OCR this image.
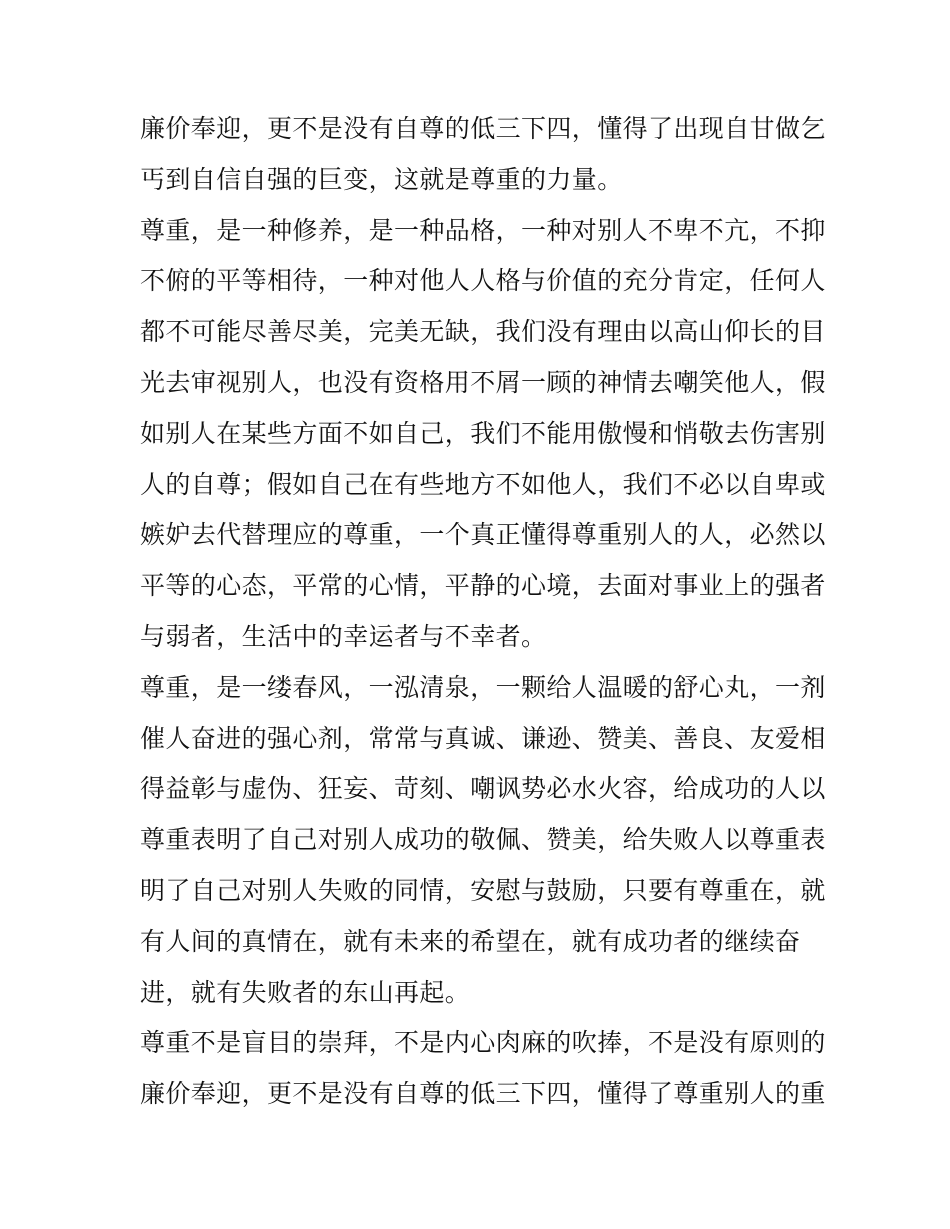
廉价奉迎，更不是没有自尊的低三下四，懂得了出现自甘做乞
丐到自信自强的巨变，这就是尊重的力量。
尊重，是一种修养，是一种品格，一种对别人不卑不亢，不抑
不俯的平等相待，一种对他人人格与价值的充分肯定，任何人
都不可能尽善尽美，完美无缺，我们没有理由以高山仰长的目
光去审视别人，也没有资格用不屑一顾的神情去嘲笑他人，假
如别人在某些方面不如自己，我们不能用傲慢和悄敬去伤害别
人的自尊；假如自己在有些地方不如他人，我们不必以自卑或
嫉妒去代替理应的尊重，一个真正懂得尊重别人的人，必然以
平等的心态，平常的心情，平静的心境，去面对事业上的强者
与弱者，生活中的幸运者与不幸者。
尊重，是一缕春风，一泓清泉，一颗给人温暖的舒心丸，一剂
催人奋进的强心剂，常常与真诚、谦逊、赞美、善良、友爱相
得益彰与虚伪、狂妄、苛刻、嘲讽势必水火容，给成功的人以
尊重表明了自己对别人成功的敬佩、赞美，给失败人以尊重表
明了自己对别人失败的同情，安慰与鼓励，只要有尊重在，就
有人间的真情在，就有未来的希望在，就有成功者的继续奋
进，就有失败者的东山再起。
尊重不是盲目的崇拜，不是内心肉麻的吹捧，不是没有原则的
廉价奉迎，更不是没有自尊的低三下四，懂得了尊重别人的重
